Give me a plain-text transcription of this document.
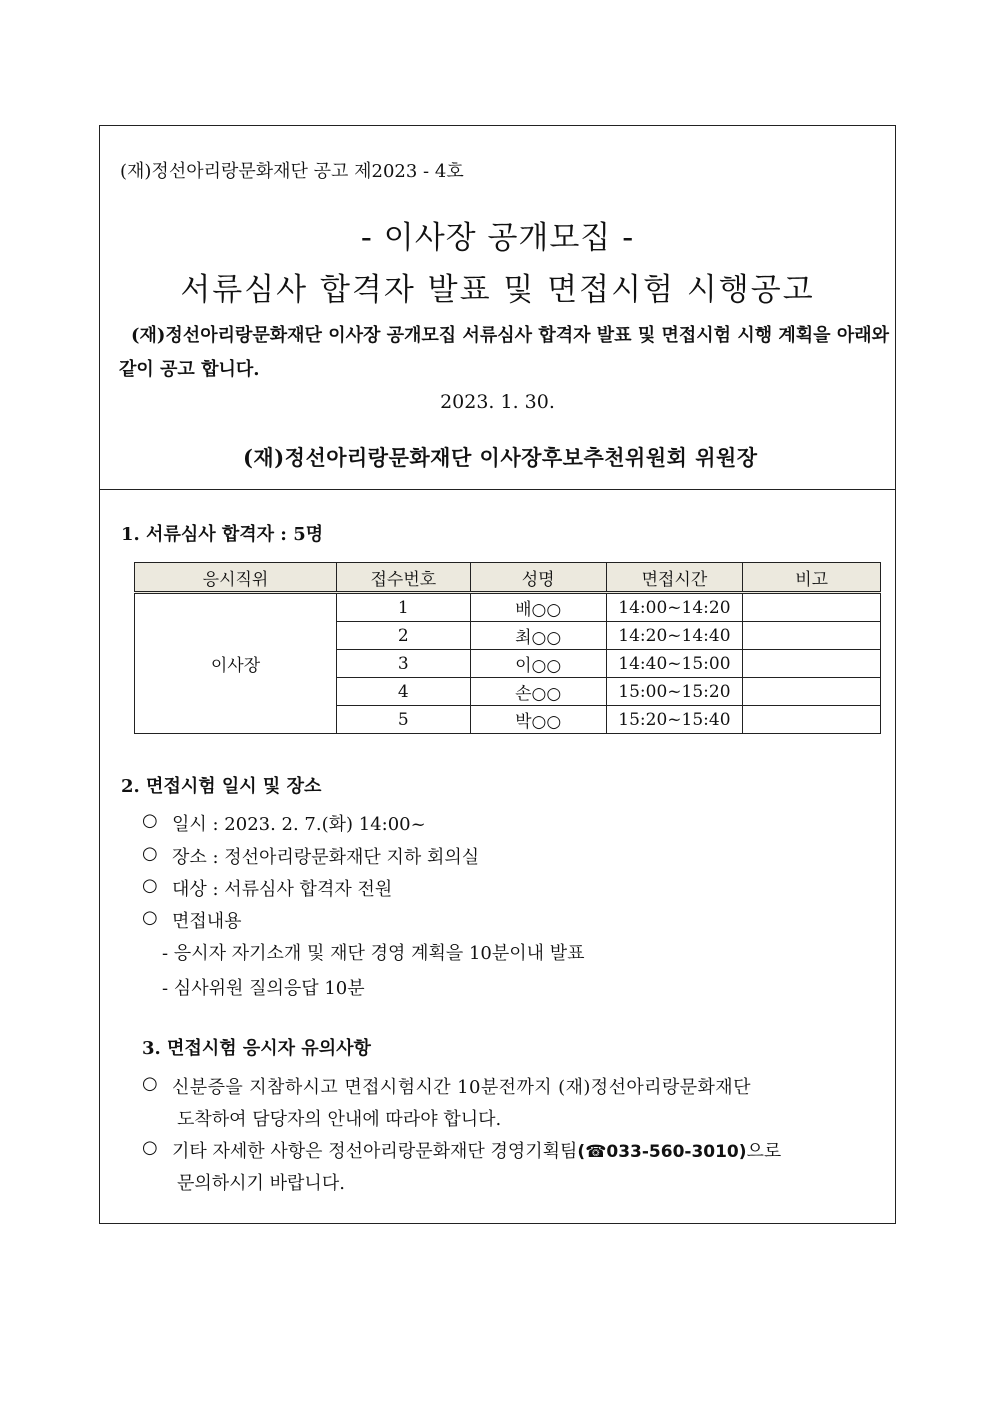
(재)정선아리랑문화재단 공고 제2023 - 4호
- 이사장 공개모집 -
서류심사 합격자 발표 및 면접시험 시행공고
(재)정선아리랑문화재단 이사장 공개모집 서류심사 합격자 발표 및 면접시험 시행 계획을 아래와 같이 공고 합니다.
2023. 1. 30.
(재)정선아리랑문화재단 이사장후보추천위원회 위원장
1. 서류심사 합격자 : 5명
응시직위	접수번호	성명	면접시간	비고
이사장	1	배○○	14:00~14:20	
	2	최○○	14:20~14:40	
	3	이○○	14:40~15:00	
	4	손○○	15:00~15:20	
	5	박○○	15:20~15:40	
2. 면접시험 일시 및 장소
○ 일시 : 2023. 2. 7.(화) 14:00~
○ 장소 : 정선아리랑문화재단 지하 회의실
○ 대상 : 서류심사 합격자 전원
○ 면접내용
- 응시자 자기소개 및 재단 경영 계획을 10분이내 발표
- 심사위원 질의응답 10분
3. 면접시험 응시자 유의사항
○ 신분증을 지참하시고 면접시험시간 10분전까지 (재)정선아리랑문화재단
도착하여 담당자의 안내에 따라야 합니다.
○ 기타 자세한 사항은 정선아리랑문화재단 경영기획팀(☎033-560-3010)으로
문의하시기 바랍니다.
